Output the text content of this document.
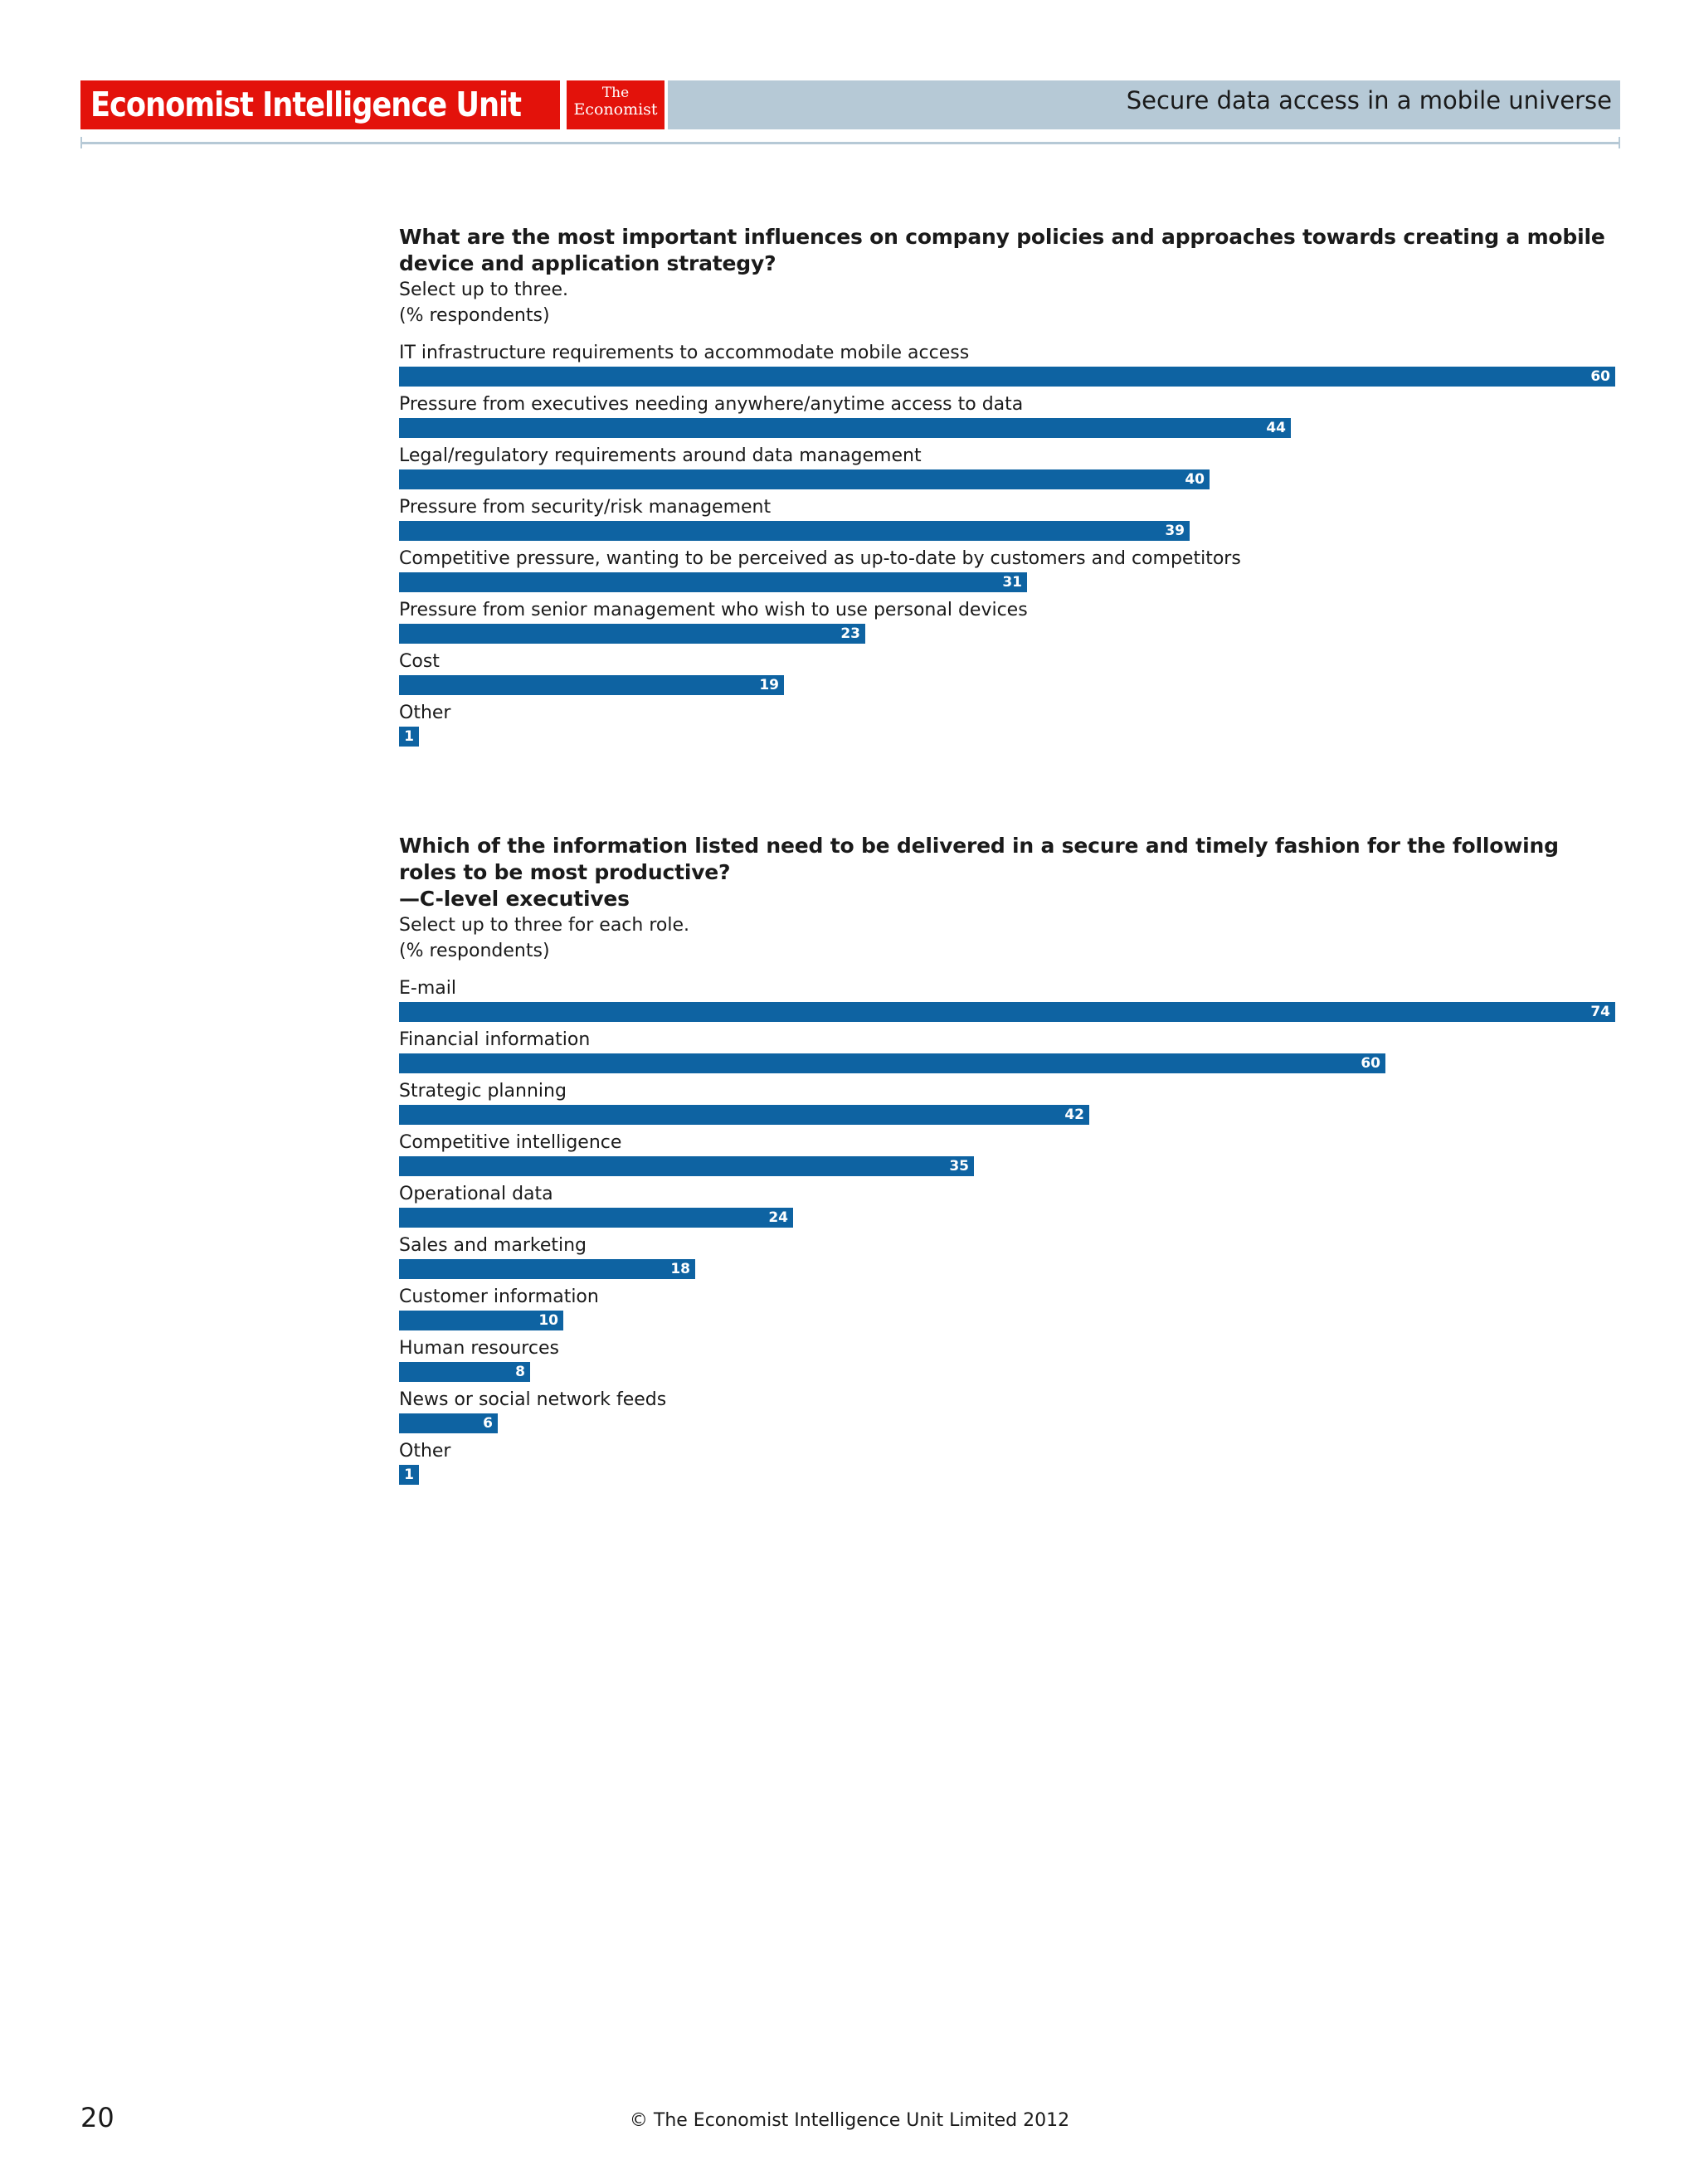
Economist Intelligence Unit	The
Economist	Secure data access in a mobile universe
What are the most important influences on company policies and approaches towards creating a mobile device and application strategy?
Select up to three.
(% respondents)
IT infrastructure requirements to accommodate mobile access
60
Pressure from executives needing anywhere/anytime access to data
44
Legal/regulatory requirements around data management
40
Pressure from security/risk management
39
Competitive pressure, wanting to be perceived as up-to-date by customers and competitors
31
Pressure from senior management who wish to use personal devices
23
Cost
19
Other
1
Which of the information listed need to be delivered in a secure and timely fashion for the following roles to be most productive?
—C-level executives
Select up to three for each role.
(% respondents)
E-mail
74
Financial information
60
Strategic planning
42
Competitive intelligence
35
Operational data
24
Sales and marketing
18
Customer information
10
Human resources
8
News or social network feeds
6
Other
1
20	© The Economist Intelligence Unit Limited 2012
